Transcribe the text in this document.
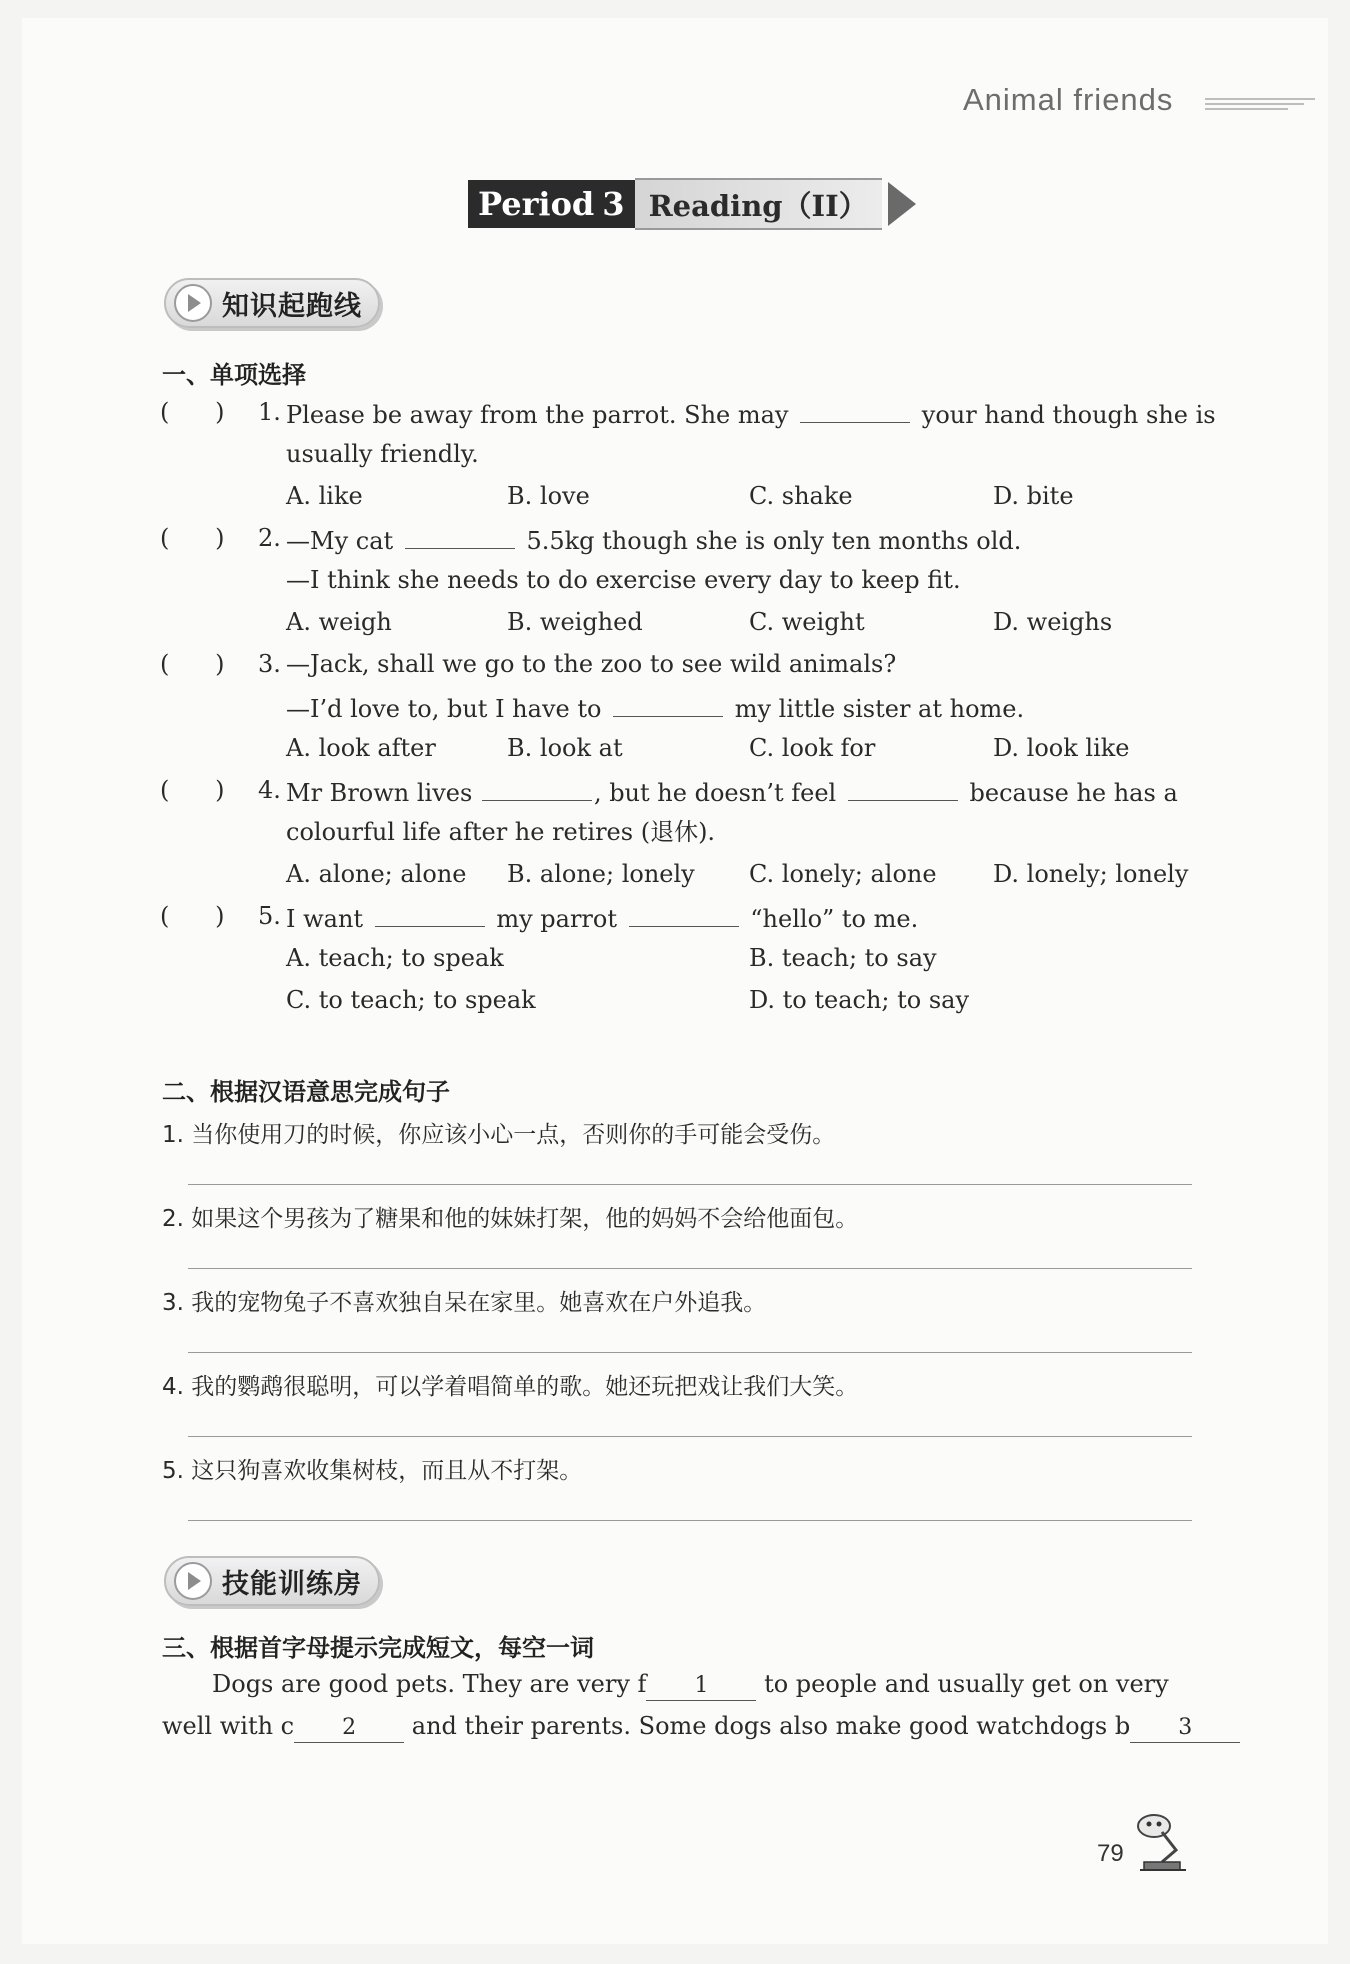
Animal friends
Period 3 Reading（II）
知识起跑线
一、单项选择
(      ) 1. Please be away from the parrot. She may	your hand though she is
usually friendly.
A. like	B. love	C. shake	D. bite
(      ) 2. —My cat	5.5kg though she is only ten months old.
—I think she needs to do exercise every day to keep fit.
A. weigh	B. weighed	C. weight	D. weighs
(      ) 3. —Jack, shall we go to the zoo to see wild animals?
—I’d love to, but I have to	my little sister at home.
A. look after	B. look at	C. look for	D. look like
(      ) 4. Mr Brown lives	, but he doesn’t feel	because he has a
colourful life after he retires (退休).
A. alone; alone B. alone; lonely C. lonely; alone D. lonely; lonely
(      ) 5. I want	my parrot	“hello” to me.
A. teach; to speak	B. teach; to say
C. to teach; to speak	D. to teach; to say
二、根据汉语意思完成句子
1. 当你使用刀的时候，你应该小心一点，否则你的手可能会受伤。
2. 如果这个男孩为了糖果和他的妹妹打架，他的妈妈不会给他面包。
3. 我的宠物兔子不喜欢独自呆在家里。她喜欢在户外追我。
4. 我的鹦鹉很聪明，可以学着唱简单的歌。她还玩把戏让我们大笑。
5. 这只狗喜欢收集树枝，而且从不打架。
技能训练房
三、根据首字母提示完成短文，每空一词
Dogs are good pets. They are very f 1 to people and usually get on very
well with c 2 and their parents. Some dogs also make good watchdogs b 3
79
